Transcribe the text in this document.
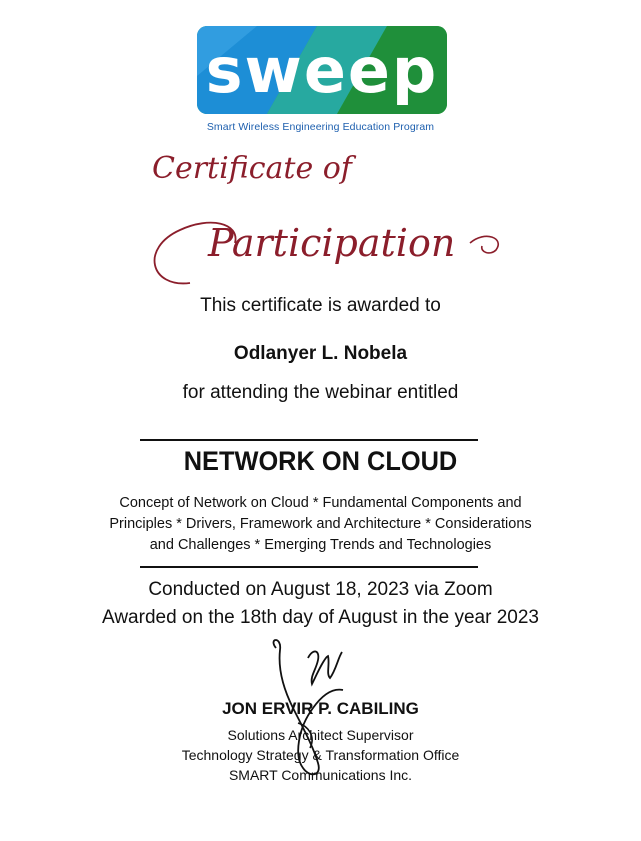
sweep
Smart Wireless Engineering Education Program
Certificate of
Participation
This certificate is awarded to
Odlanyer L. Nobela
for attending the webinar entitled
NETWORK ON CLOUD
Concept of Network on Cloud * Fundamental Components and Principles * Drivers, Framework and Architecture * Considerations and Challenges * Emerging Trends and Technologies
Conducted on August 18, 2023 via Zoom
Awarded on the 18th day of August in the year 2023
JON ERVIR P. CABILING
Solutions Architect Supervisor
Technology Strategy & Transformation Office
SMART Communications Inc.
